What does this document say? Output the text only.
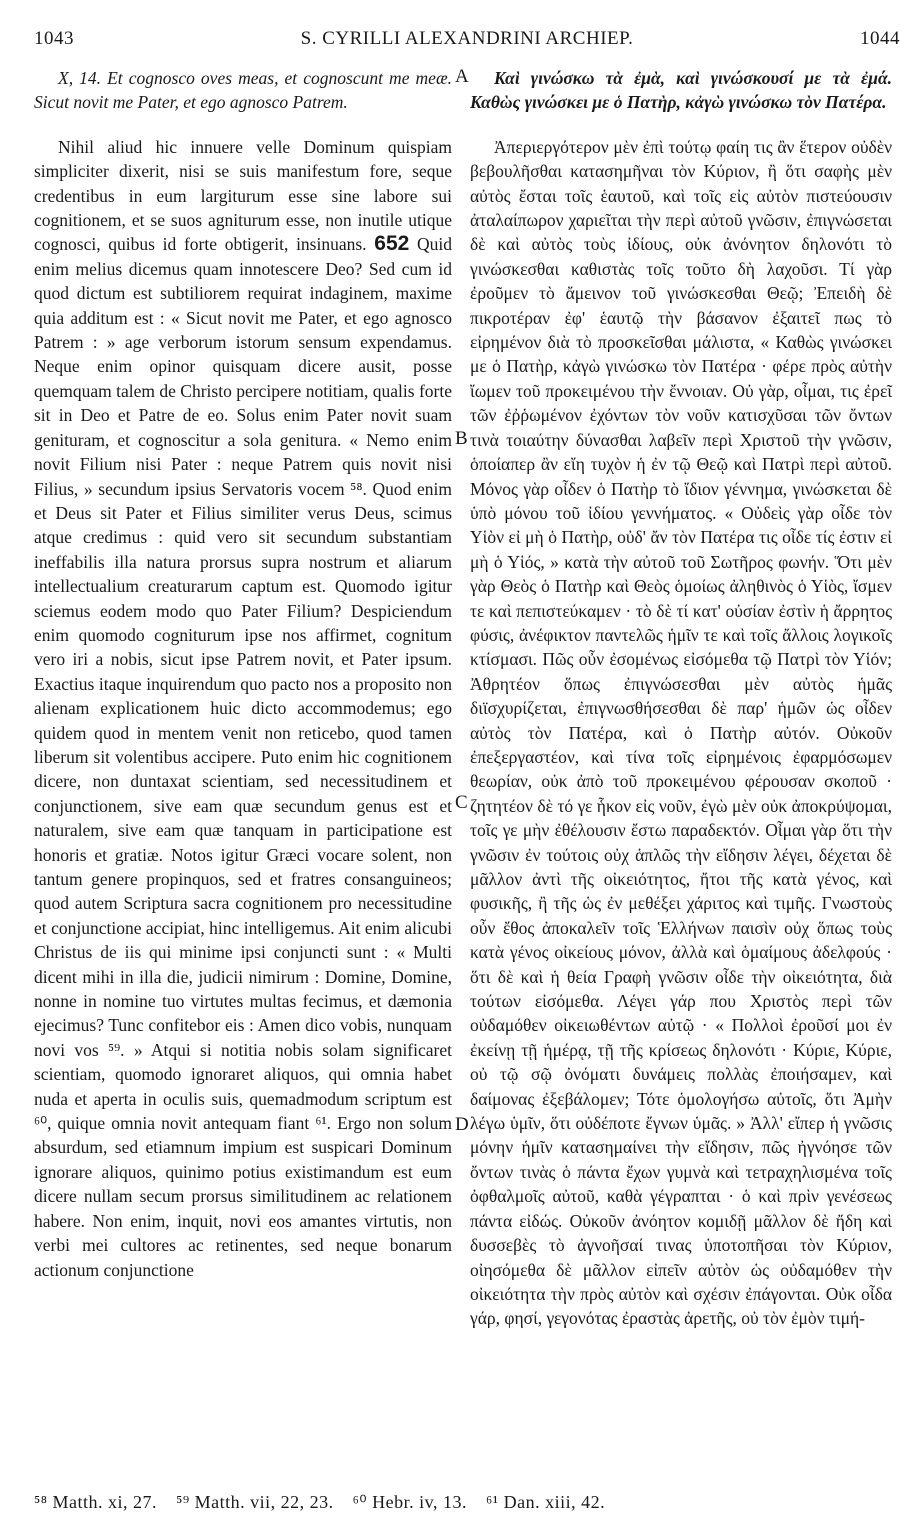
1043	S. CYRILLI ALEXANDRINI ARCHIEP.	1044
X, 14. Et cognosco oves meas, et cognoscunt me meæ. Sicut novit me Pater, et ego agnosco Patrem.

Nihil aliud hic innuere velle Dominum quispiam simpliciter dixerit, nisi se suis manifestum fore, seque credentibus in eum largiturum esse sine labore sui cognitionem, et se suos agniturum esse, non inutile utique cognosci, quibus id forte obtigerit, insinuans. 652 Quid enim melius dicemus quam innotescere Deo? Sed cum id quod dictum est subtiliorem requirat indaginem, maxime quia additum est : « Sicut novit me Pater, et ego agnosco Patrem : » age verborum istorum sensum expendamus. Neque enim opinor quisquam dicere ausit, posse quemquam talem de Christo percipere notitiam, qualis forte sit in Deo et Patre de eo. Solus enim Pater novit suam genituram, et cognoscitur a sola genitura. « Nemo enim novit Filium nisi Pater : neque Patrem quis novit nisi Filius, » secundum ipsius Servatoris vocem ⁵⁸. Quod enim et Deus sit Pater et Filius similiter verus Deus, scimus atque credimus : quid vero sit secundum substantiam ineffabilis illa natura prorsus supra nostrum et aliarum intellectualium creaturarum captum est. Quomodo igitur sciemus eodem modo quo Pater Filium? Despiciendum enim quomodo cogniturum ipse nos affirmet, cognitum vero iri a nobis, sicut ipse Patrem novit, et Pater ipsum. Exactius itaque inquirendum quo pacto nos a proposito non alienam explicationem huic dicto accommodemus; ego quidem quod in mentem venit non reticebo, quod tamen liberum sit volentibus accipere. Puto enim hic cognitionem dicere, non duntaxat scientiam, sed necessitudinem et conjunctionem, sive eam quæ secundum genus est et naturalem, sive eam quæ tanquam in participatione est honoris et gratiæ. Notos igitur Græci vocare solent, non tantum genere propinquos, sed et fratres consanguineos; quod autem Scriptura sacra cognitionem pro necessitudine et conjunctione accipiat, hinc intelligemus. Ait enim alicubi Christus de iis qui minime ipsi conjuncti sunt : « Multi dicent mihi in illa die, judicii nimirum : Domine, Domine, nonne in nomine tuo virtutes multas fecimus, et dæmonia ejecimus? Tunc confitebor eis : Amen dico vobis, nunquam novi vos ⁵⁹. » Atqui si notitia nobis solam significaret scientiam, quomodo ignoraret aliquos, qui omnia habet nuda et aperta in oculis suis, quemadmodum scriptum est ⁶⁰, quique omnia novit antequam fiant ⁶¹. Ergo non solum absurdum, sed etiamnum impium est suspicari Dominum ignorare aliquos, quinimo potius existimandum est eum dicere nullam secum prorsus similitudinem ac relationem habere. Non enim, inquit, novi eos amantes virtutis, non verbi mei cultores ac retinentes, sed neque bonarum actionum conjunctione

A
B
C
D
Καὶ γινώσκω τὰ ἐμὰ, καὶ γινώσκουσί με τὰ ἐμά. Καθὼς γινώσκει με ὁ Πατὴρ, κἀγὼ γινώσκω τὸν Πατέρα.

Ἀπεριεργότερον μὲν ἐπὶ τούτῳ φαίη τις ἂν ἕτερον οὐδὲν βεβουλῆσθαι κατασημῆναι τὸν Κύριον, ἢ ὅτι σαφὴς μὲν αὐτὸς ἔσται τοῖς ἑαυτοῦ, καὶ τοῖς εἰς αὐτὸν πιστεύουσιν ἀταλαίπωρον χαριεῖται τὴν περὶ αὐτοῦ γνῶσιν, ἐπιγνώσεται δὲ καὶ αὐτὸς τοὺς ἰδίους, οὐκ ἀνόνητον δηλονότι τὸ γινώσκεσθαι καθιστὰς τοῖς τοῦτο δὴ λαχοῦσι. Τί γὰρ ἐροῦμεν τὸ ἄμεινον τοῦ γινώσκεσθαι Θεῷ; Ἐπειδὴ δὲ πικροτέραν ἐφ' ἑαυτῷ τὴν βάσανον ἐξαιτεῖ πως τὸ εἰρημένον διὰ τὸ προσκεῖσθαι μάλιστα, « Καθὼς γινώσκει με ὁ Πατὴρ, κἀγὼ γινώσκω τὸν Πατέρα · φέρε πρὸς αὐτὴν ἴωμεν τοῦ προκειμένου τὴν ἔννοιαν. Οὐ γὰρ, οἶμαι, τις ἐρεῖ τῶν ἐῤῥωμένον ἐχόντων τὸν νοῦν κατισχῦσαι τῶν ὄντων τινὰ τοιαύτην δύνασθαι λαβεῖν περὶ Χριστοῦ τὴν γνῶσιν, ὁποίαπερ ἂν εἴη τυχὸν ἡ ἐν τῷ Θεῷ καὶ Πατρὶ περὶ αὐτοῦ. Μόνος γὰρ οἶδεν ὁ Πατὴρ τὸ ἴδιον γέννημα, γινώσκεται δὲ ὑπὸ μόνου τοῦ ἰδίου γεννήματος. « Οὐδεὶς γὰρ οἶδε τὸν Υἱὸν εἰ μὴ ὁ Πατὴρ, οὐδ' ἄν τὸν Πατέρα τις οἶδε τίς ἐστιν εἰ μὴ ὁ Υἱός, » κατὰ τὴν αὐτοῦ τοῦ Σωτῆρος φωνήν. Ὅτι μὲν γὰρ Θεὸς ὁ Πατὴρ καὶ Θεὸς ὁμοίως ἀληθινὸς ὁ Υἱὸς, ἴσμεν τε καὶ πεπιστεύκαμεν · τὸ δὲ τί κατ' οὐσίαν ἐστὶν ἡ ἄρρητος φύσις, ἀνέφικτον παντελῶς ἡμῖν τε καὶ τοῖς ἄλλοις λογικοῖς κτίσμασι. Πῶς οὖν ἐσομένως εἰσόμεθα τῷ Πατρὶ τὸν Υἱόν; Ἀθρητέον ὅπως ἐπιγνώσεσθαι μὲν αὐτὸς ἡμᾶς διϊσχυρίζεται, ἐπιγνωσθήσεσθαι δὲ παρ' ἡμῶν ὡς οἶδεν αὐτὸς τὸν Πατέρα, καὶ ὁ Πατὴρ αὐτόν. Οὐκοῦν ἐπεξεργαστέον, καὶ τίνα τοῖς εἰρημένοις ἐφαρμόσωμεν θεωρίαν, οὐκ ἀπὸ τοῦ προκειμένου φέρουσαν σκοποῦ · ζητητέον δὲ τό γε ἧκον εἰς νοῦν, ἐγὼ μὲν οὐκ ἀποκρύψομαι, τοῖς γε μὴν ἐθέλουσιν ἔστω παραδεκτόν. Οἶμαι γὰρ ὅτι τὴν γνῶσιν ἐν τούτοις οὐχ ἁπλῶς τὴν εἴδησιν λέγει, δέχεται δὲ μᾶλλον ἀντὶ τῆς οἰκειότητος, ἤτοι τῆς κατὰ γένος, καὶ φυσικῆς, ἢ τῆς ὡς ἐν μεθέξει χάριτος καὶ τιμῆς. Γνωστοὺς οὖν ἔθος ἀποκαλεῖν τοῖς Ἑλλήνων παισὶν οὐχ ὅπως τοὺς κατὰ γένος οἰκείους μόνον, ἀλλὰ καὶ ὁμαίμους ἀδελφούς · ὅτι δὲ καὶ ἡ θεία Γραφὴ γνῶσιν οἶδε τὴν οἰκειότητα, διὰ τούτων εἰσόμεθα. Λέγει γάρ που Χριστὸς περὶ τῶν οὐδαμόθεν οἰκειωθέντων αὐτῷ · « Πολλοὶ ἐροῦσί μοι ἐν ἐκείνῃ τῇ ἡμέρᾳ, τῇ τῆς κρίσεως δηλονότι · Κύριε, Κύριε, οὐ τῷ σῷ ὀνόματι δυνάμεις πολλὰς ἐποιήσαμεν, καὶ δαίμονας ἐξεβάλομεν; Τότε ὁμολογήσω αὐτοῖς, ὅτι Ἀμὴν λέγω ὑμῖν, ὅτι οὐδέποτε ἔγνων ὑμᾶς. » Ἀλλ' εἴπερ ἡ γνῶσις μόνην ἡμῖν κατασημαίνει τὴν εἴδησιν, πῶς ἠγνόησε τῶν ὄντων τινὰς ὁ πάντα ἔχων γυμνὰ καὶ τετραχηλισμένα τοῖς ὀφθαλμοῖς αὐτοῦ, καθὰ γέγραπται · ὁ καὶ πρὶν γενέσεως πάντα εἰδώς. Οὐκοῦν ἀνόητον κομιδῇ μᾶλλον δὲ ἤδη καὶ δυσσεβὲς τὸ ἀγνοῆσαί τινας ὑποτοπῆσαι τὸν Κύριον, οἰησόμεθα δὲ μᾶλλον εἰπεῖν αὐτὸν ὡς οὐδαμόθεν τὴν οἰκειότητα τὴν πρὸς αὐτὸν καὶ σχέσιν ἐπάγονται. Οὐκ οἶδα γάρ, φησί, γεγονότας ἐραστὰς ἀρετῆς, οὐ τὸν ἐμὸν τιμή-

⁵⁸ Matth. xi, 27. ⁵⁹ Matth. vii, 22, 23. ⁶⁰ Hebr. iv, 13. ⁶¹ Dan. xiii, 42.
